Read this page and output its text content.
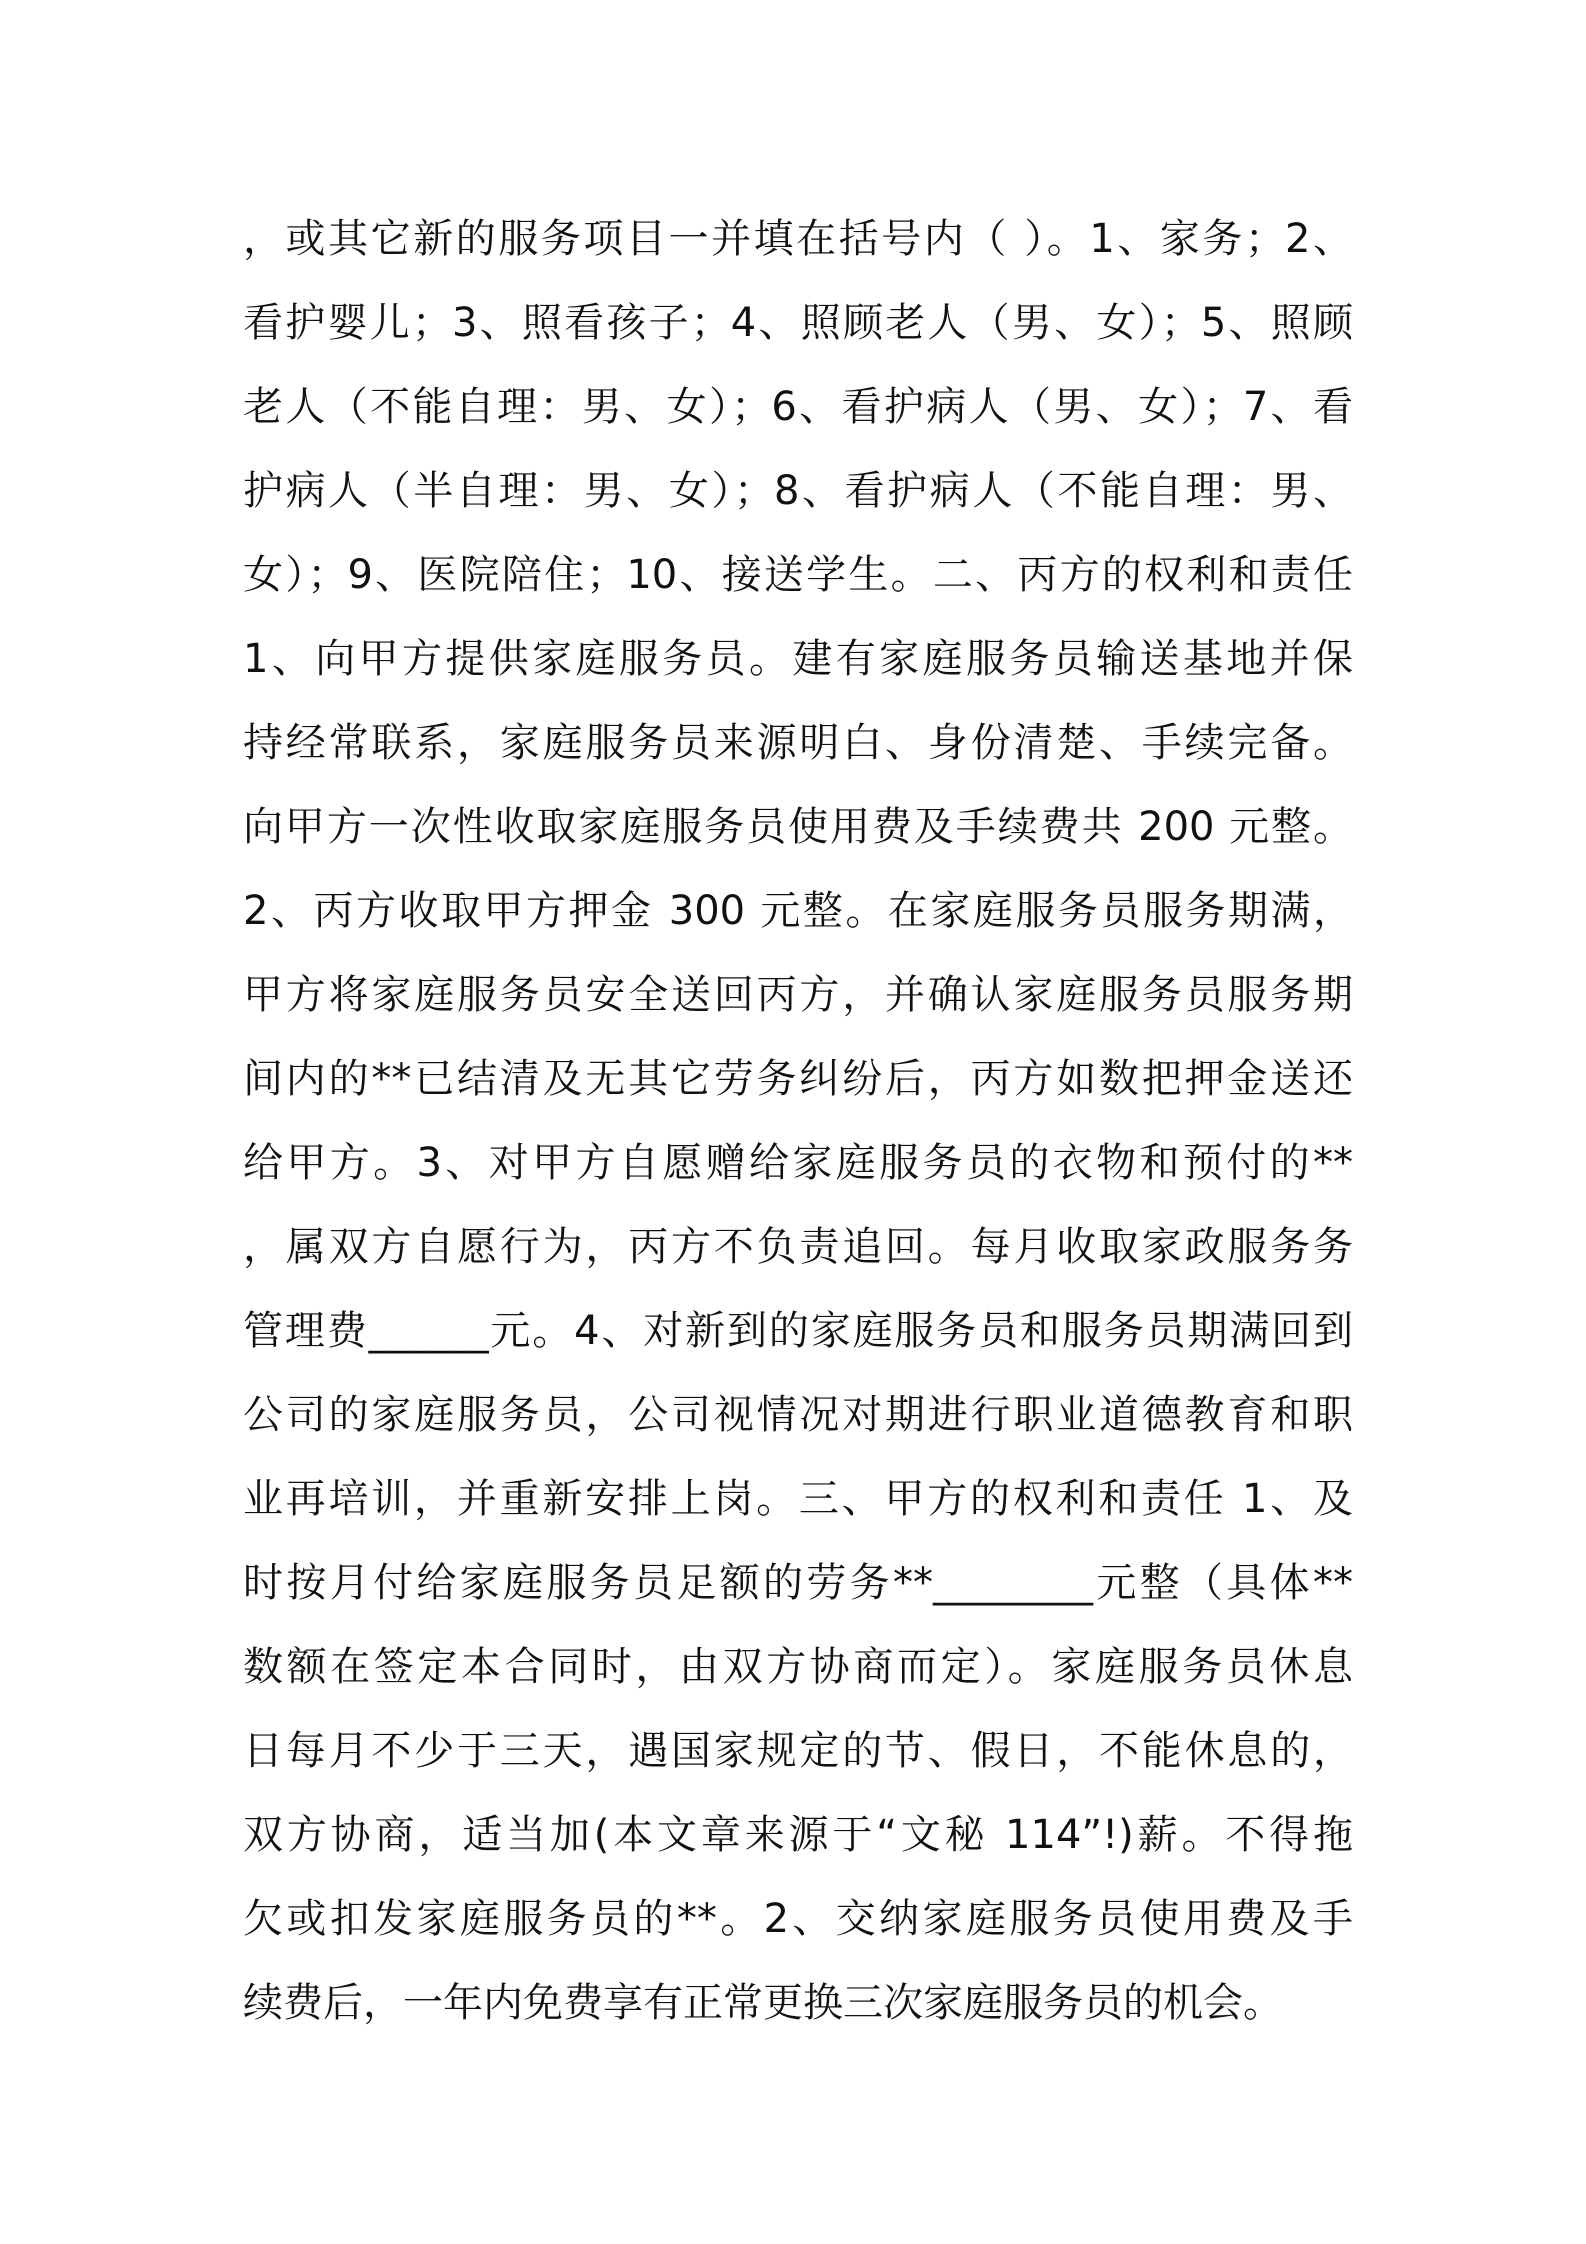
，或其它新的服务项目一并填在括号内（ ）。1、家务；2、
看护婴儿；3、照看孩子；4、照顾老人（男、女）；5、照顾
老人（不能自理：男、女）；6、看护病人（男、女）；7、看
护病人（半自理：男、女）；8、看护病人（不能自理：男、
女）；9、医院陪住；10、接送学生。二、丙方的权利和责任
1、向甲方提供家庭服务员。建有家庭服务员输送基地并保
持经常联系，家庭服务员来源明白、身份清楚、手续完备。
向甲方一次性收取家庭服务员使用费及手续费共 200 元整。
2、丙方收取甲方押金 300 元整。在家庭服务员服务期满，
甲方将家庭服务员安全送回丙方，并确认家庭服务员服务期
间内的**已结清及无其它劳务纠纷后，丙方如数把押金送还
给甲方。3、对甲方自愿赠给家庭服务员的衣物和预付的**
，属双方自愿行为，丙方不负责追回。每月收取家政服务务
管理费______元。4、对新到的家庭服务员和服务员期满回到
公司的家庭服务员，公司视情况对期进行职业道德教育和职
业再培训，并重新安排上岗。三、甲方的权利和责任 1、及
时按月付给家庭服务员足额的劳务**________元整（具体**
数额在签定本合同时，由双方协商而定）。家庭服务员休息
日每月不少于三天，遇国家规定的节、假日，不能休息的，
双方协商，适当加(本文章来源于“文秘 114”!)薪。不得拖
欠或扣发家庭服务员的**。2、交纳家庭服务员使用费及手
续费后，一年内免费享有正常更换三次家庭服务员的机会。
